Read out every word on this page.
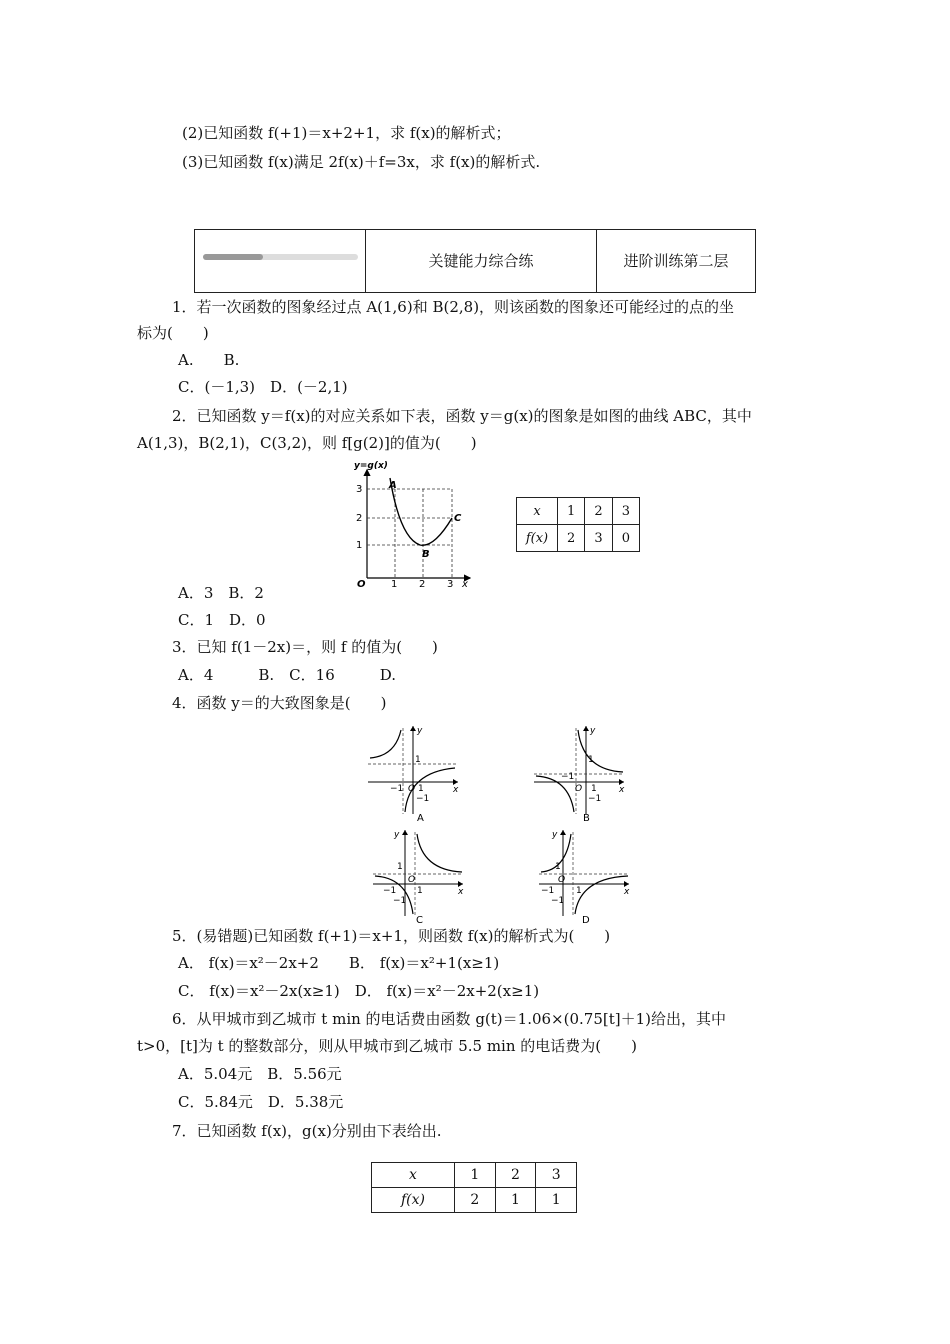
(2)已知函数 f(+1)＝x+2+1，求 f(x)的解析式；
(3)已知函数 f(x)满足 2f(x)＋f=3x，求 f(x)的解析式.
关键能力综合练	进阶训练第二层
1．若一次函数的图象经过点 A(1,6)和 B(2,8)，则该函数的图象还可能经过的点的坐
标为(　　)
A.　　B.
C．(－1,3)　D．(－2,1)
2．已知函数 y＝f(x)的对应关系如下表，函数 y＝g(x)的图象是如图的曲线 ABC，其中
A(1,3)，B(2,1)，C(3,2)，则 f[g(2)]的值为(　　)
y=g(x)
3
2
1
O	1 2 3 x
A
B
C	x	1	2	3
f(x)	2	3	0
A．3　B．2
C．1　D．0
3．已知 f(1－2x)＝，则 f 的值为(　　)
A．4　　　B.　C．16　　　D.
4．函数 y＝的大致图象是(　　)
y
x
1
−1 O 1
−1
A
y
x
1
−1
O 1
−1
B
y
x
1
O
1
−1
−1
C
y
x
1
O
1
−1
−1
D
5．(易错题)已知函数 f(+1)＝x+1，则函数 f(x)的解析式为(　　)
A． f(x)＝x²－2x+2　　B． f(x)＝x²+1(x≥1)
C． f(x)＝x²－2x(x≥1)　D． f(x)＝x²－2x+2(x≥1)
6．从甲城市到乙城市 t min 的电话费由函数 g(t)＝1.06×(0.75[t]＋1)给出，其中
t>0，[t]为 t 的整数部分，则从甲城市到乙城市 5.5 min 的电话费为(　　)
A．5.04元　B．5.56元
C．5.84元　D．5.38元
7．已知函数 f(x)，g(x)分别由下表给出.
x	1	2	3
f(x)	2	1	1
